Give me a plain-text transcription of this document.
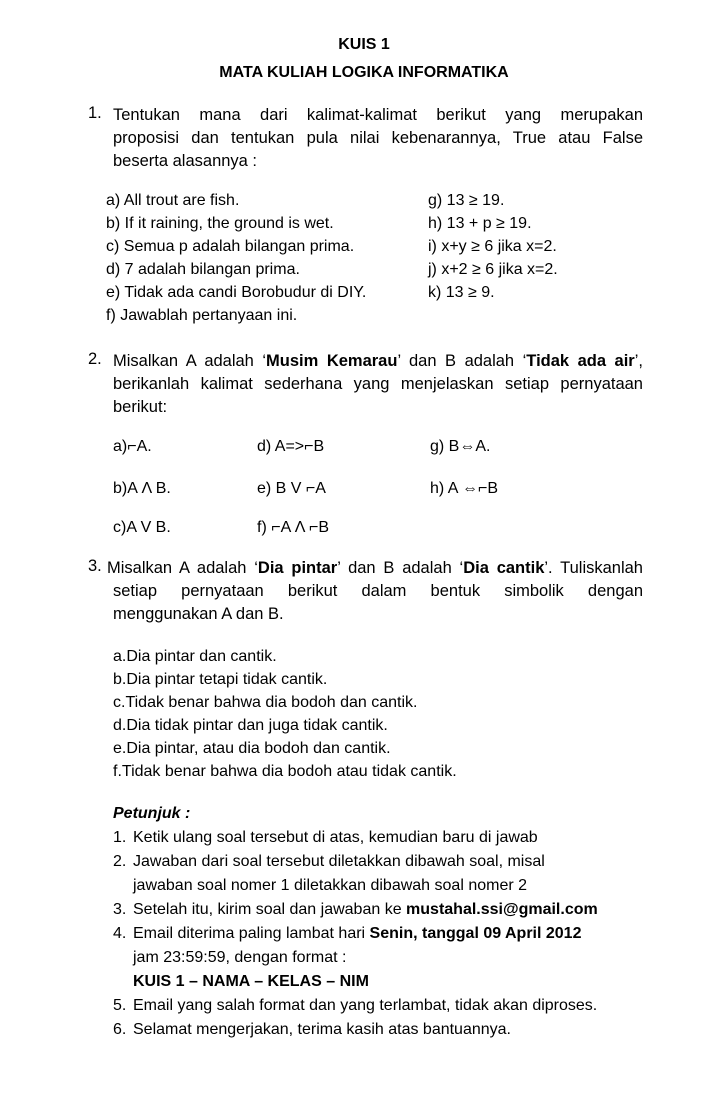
KUIS 1
MATA KULIAH LOGIKA INFORMATIKA
1. Tentukan mana dari kalimat-kalimat berikut yang merupakan
proposisi dan tentukan pula nilai kebenarannya, True atau False
beserta alasannya :
a) All trout are fish.
b) If it raining, the ground is wet.
c) Semua p adalah bilangan prima.
d) 7 adalah bilangan prima.
e) Tidak ada candi Borobudur di DIY.
f) Jawablah pertanyaan ini.
g) 13 ≥ 19.
h) 13 + p ≥ 19.
i) x+y ≥ 6 jika x=2.
j) x+2 ≥ 6 jika x=2.
k) 13 ≥ 9.
2. Misalkan A adalah ‘Musim Kemarau’ dan B adalah ‘Tidak ada air’,
berikanlah kalimat sederhana yang menjelaskan setiap pernyataan
berikut:
a)⌐A.
b)A Λ B.
c)A V B.
d) A=>⌐B
e) B V ⌐A
f) ⌐A Λ ⌐B
g) B⇔A.
h) A ⇔⌐B
3. Misalkan A adalah ‘Dia pintar’ dan B adalah ‘Dia cantik’. Tuliskanlah
setiap pernyataan berikut dalam bentuk simbolik dengan
menggunakan A dan B.
a.Dia pintar dan cantik.
b.Dia pintar tetapi tidak cantik.
c.Tidak benar bahwa dia bodoh dan cantik.
d.Dia tidak pintar dan juga tidak cantik.
e.Dia pintar, atau dia bodoh dan cantik.
f.Tidak benar bahwa dia bodoh atau tidak cantik.
Petunjuk :
1. Ketik ulang soal tersebut di atas, kemudian baru di jawab
2. Jawaban dari soal tersebut diletakkan dibawah soal, misal
jawaban soal nomer 1 diletakkan dibawah soal nomer 2
3. Setelah itu, kirim soal dan jawaban ke mustahal.ssi@gmail.com
4. Email diterima paling lambat hari Senin, tanggal 09 April 2012
jam 23:59:59, dengan format :
KUIS 1 – NAMA – KELAS – NIM
5. Email yang salah format dan yang terlambat, tidak akan diproses.
6. Selamat mengerjakan, terima kasih atas bantuannya.
